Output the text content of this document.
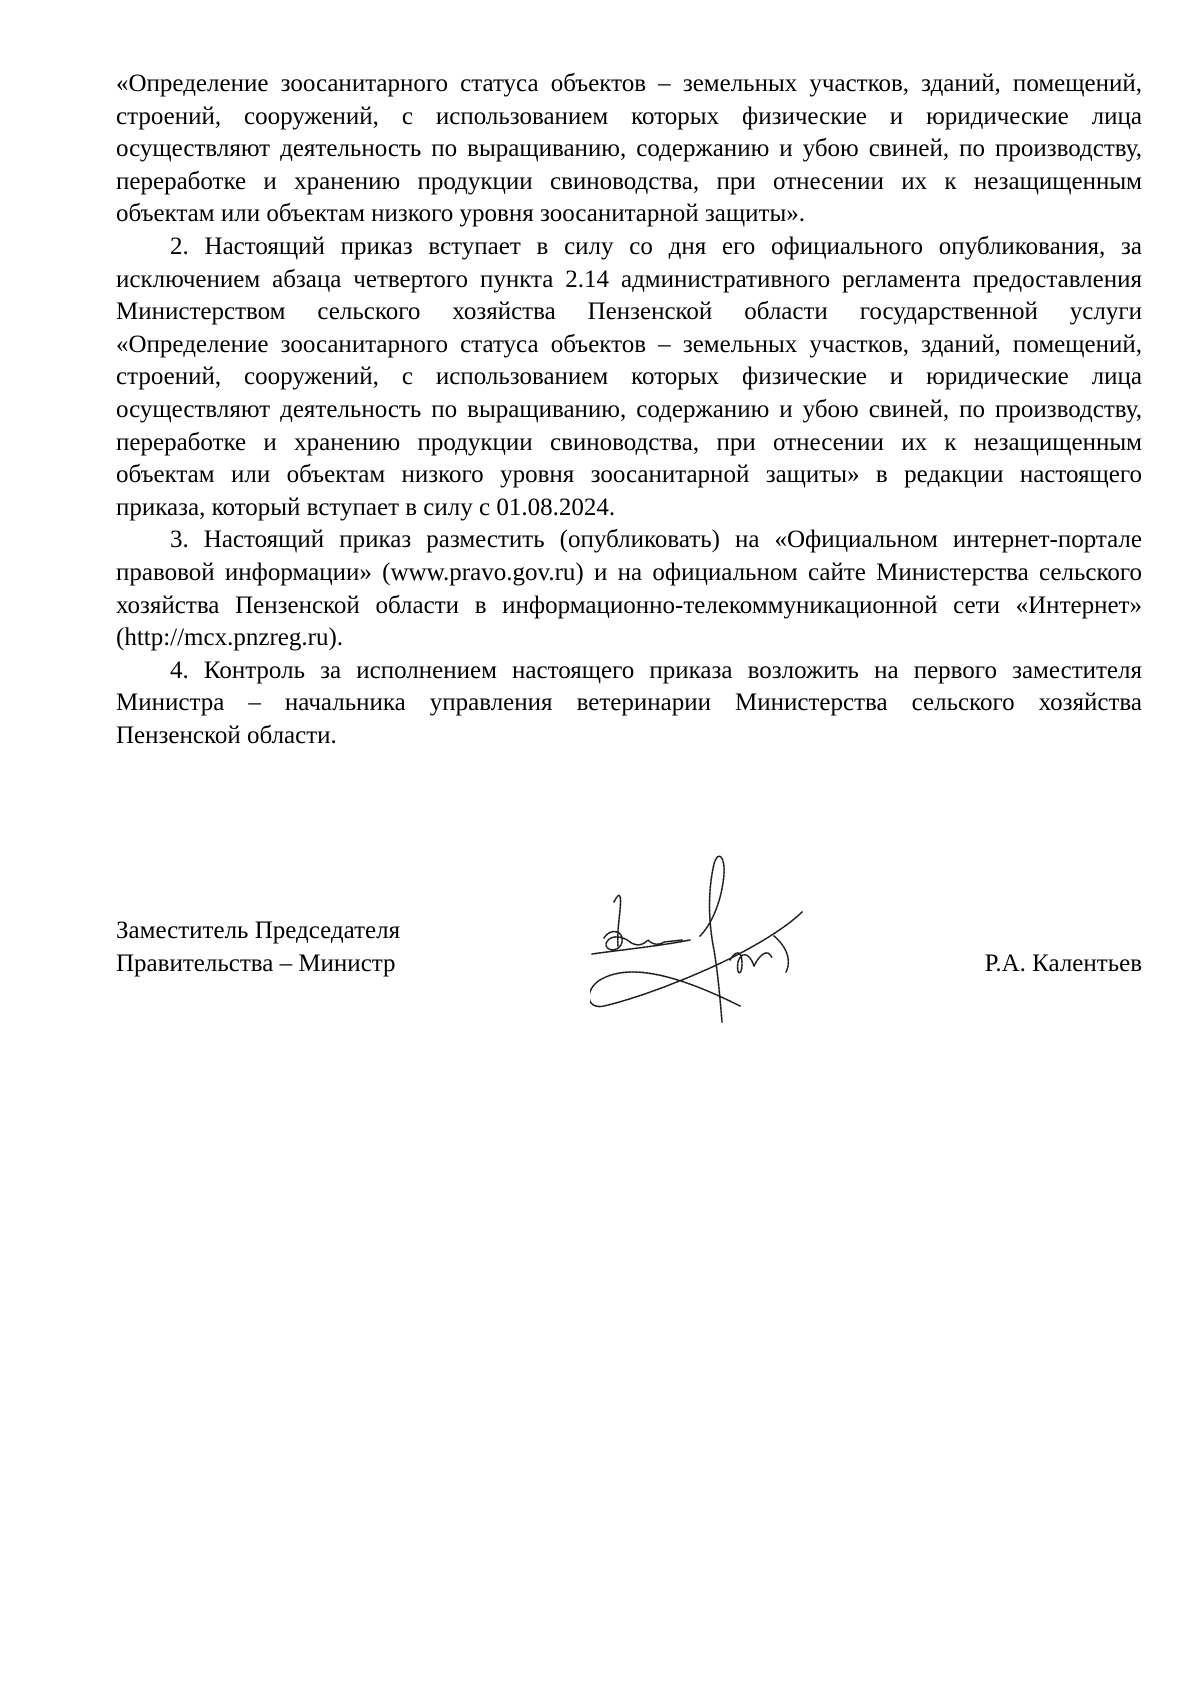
«Определение зоосанитарного статуса объектов – земельных участков, зданий, помещений, строений, сооружений, с использованием которых физические и юридические лица осуществляют деятельность по выращиванию, содержанию и убою свиней, по производству, переработке и хранению продукции свиноводства, при отнесении их к незащищенным объектам или объектам низкого уровня зоосанитарной защиты».

2. Настоящий приказ вступает в силу со дня его официального опубликования, за исключением абзаца четвертого пункта 2.14 административного регламента предоставления Министерством сельского хозяйства Пензенской области государственной услуги «Определение зоосанитарного статуса объектов – земельных участков, зданий, помещений, строений, сооружений, с использованием которых физические и юридические лица осуществляют деятельность по выращиванию, содержанию и убою свиней, по производству, переработке и хранению продукции свиноводства, при отнесении их к незащищенным объектам или объектам низкого уровня зоосанитарной защиты» в редакции настоящего приказа, который вступает в силу с 01.08.2024.

3. Настоящий приказ разместить (опубликовать) на «Официальном интернет-портале правовой информации» (www.pravo.gov.ru) и на официальном сайте Министерства сельского хозяйства Пензенской области в информационно-телекоммуникационной сети «Интернет» (http://mcx.pnzreg.ru).

4. Контроль за исполнением настоящего приказа возложить на первого заместителя Министра – начальника управления ветеринарии Министерства сельского хозяйства Пензенской области.

Заместитель Председателя
Правительства – Министр	Р.А. Калентьев
